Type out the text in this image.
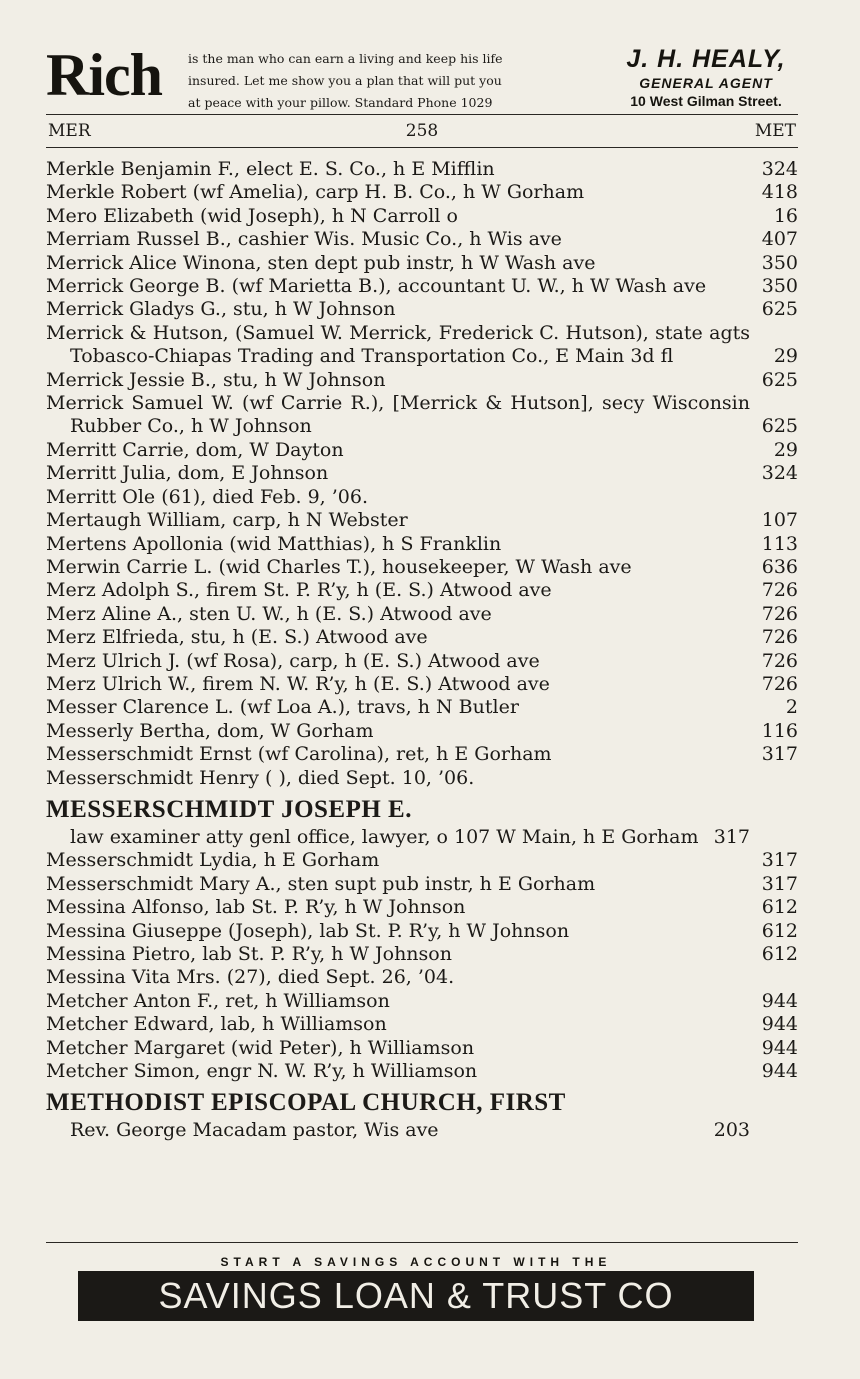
Rich is the man who can earn a living and keep his life
insured. Let me show you a plan that will put you
at peace with your pillow. Standard Phone 1029
J. H. HEALY,
GENERAL AGENT
10 West Gilman Street.
MER	258	MET
Merkle Benjamin F., elect E. S. Co., h E Mifflin	324
Merkle Robert (wf Amelia), carp H. B. Co., h W Gorham	418
Mero Elizabeth (wid Joseph), h N Carroll o	16
Merriam Russel B., cashier Wis. Music Co., h Wis ave	407
Merrick Alice Winona, sten dept pub instr, h W Wash ave	350
Merrick George B. (wf Marietta B.), accountant U. W., h W Wash ave	350
Merrick Gladys G., stu, h W Johnson	625
Merrick & Hutson, (Samuel W. Merrick, Frederick C. Hutson), state agts Tobasco-Chiapas Trading and Transportation Co., E Main 3d fl	29
Merrick Jessie B., stu, h W Johnson	625
Merrick Samuel W. (wf Carrie R.), [Merrick & Hutson], secy Wisconsin Rubber Co., h W Johnson	625
Merritt Carrie, dom, W Dayton	29
Merritt Julia, dom, E Johnson	324
Merritt Ole (61), died Feb. 9, ’06.
Mertaugh William, carp, h N Webster	107
Mertens Apollonia (wid Matthias), h S Franklin	113
Merwin Carrie L. (wid Charles T.), housekeeper, W Wash ave	636
Merz Adolph S., firem St. P. R’y, h (E. S.) Atwood ave	726
Merz Aline A., sten U. W., h (E. S.) Atwood ave	726
Merz Elfrieda, stu, h (E. S.) Atwood ave	726
Merz Ulrich J. (wf Rosa), carp, h (E. S.) Atwood ave	726
Merz Ulrich W., firem N. W. R’y, h (E. S.) Atwood ave	726
Messer Clarence L. (wf Loa A.), travs, h N Butler	2
Messerly Bertha, dom, W Gorham	116
Messerschmidt Ernst (wf Carolina), ret, h E Gorham	317
Messerschmidt Henry ( ), died Sept. 10, ’06.
MESSERSCHMIDT JOSEPH E.
law examiner atty genl office, lawyer, o 107 W Main, h E Gorham 317
Messerschmidt Lydia, h E Gorham	317
Messerschmidt Mary A., sten supt pub instr, h E Gorham	317
Messina Alfonso, lab St. P. R’y, h W Johnson	612
Messina Giuseppe (Joseph), lab St. P. R’y, h W Johnson	612
Messina Pietro, lab St. P. R’y, h W Johnson	612
Messina Vita Mrs. (27), died Sept. 26, ’04.
Metcher Anton F., ret, h Williamson	944
Metcher Edward, lab, h Williamson	944
Metcher Margaret (wid Peter), h Williamson	944
Metcher Simon, engr N. W. R’y, h Williamson	944
METHODIST EPISCOPAL CHURCH, FIRST
Rev. George Macadam pastor, Wis ave	203
START A SAVINGS ACCOUNT WITH THE
SAVINGS LOAN & TRUST CO
